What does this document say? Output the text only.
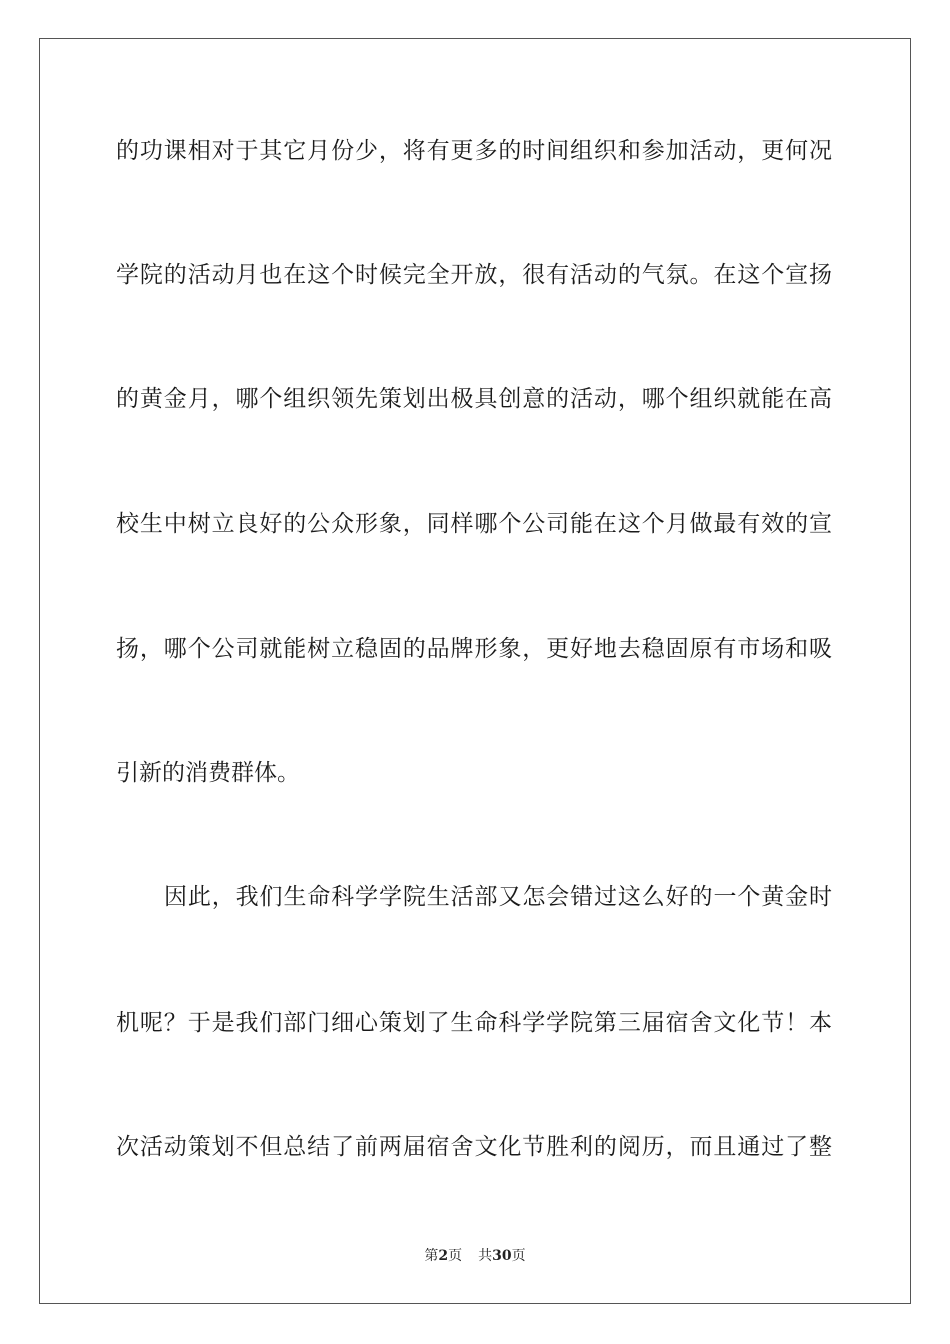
的功课相对于其它月份少，将有更多的时间组织和参加活动，更何况
学院的活动月也在这个时候完全开放，很有活动的气氛。在这个宣扬
的黄金月，哪个组织领先策划出极具创意的活动，哪个组织就能在高
校生中树立良好的公众形象，同样哪个公司能在这个月做最有效的宣
扬，哪个公司就能树立稳固的品牌形象，更好地去稳固原有市场和吸
引新的消费群体。
因此，我们生命科学学院生活部又怎会错过这么好的一个黄金时
机呢？于是我们部门细心策划了生命科学学院第三届宿舍文化节！本
次活动策划不但总结了前两届宿舍文化节胜利的阅历，而且通过了整
第2页 共30页
